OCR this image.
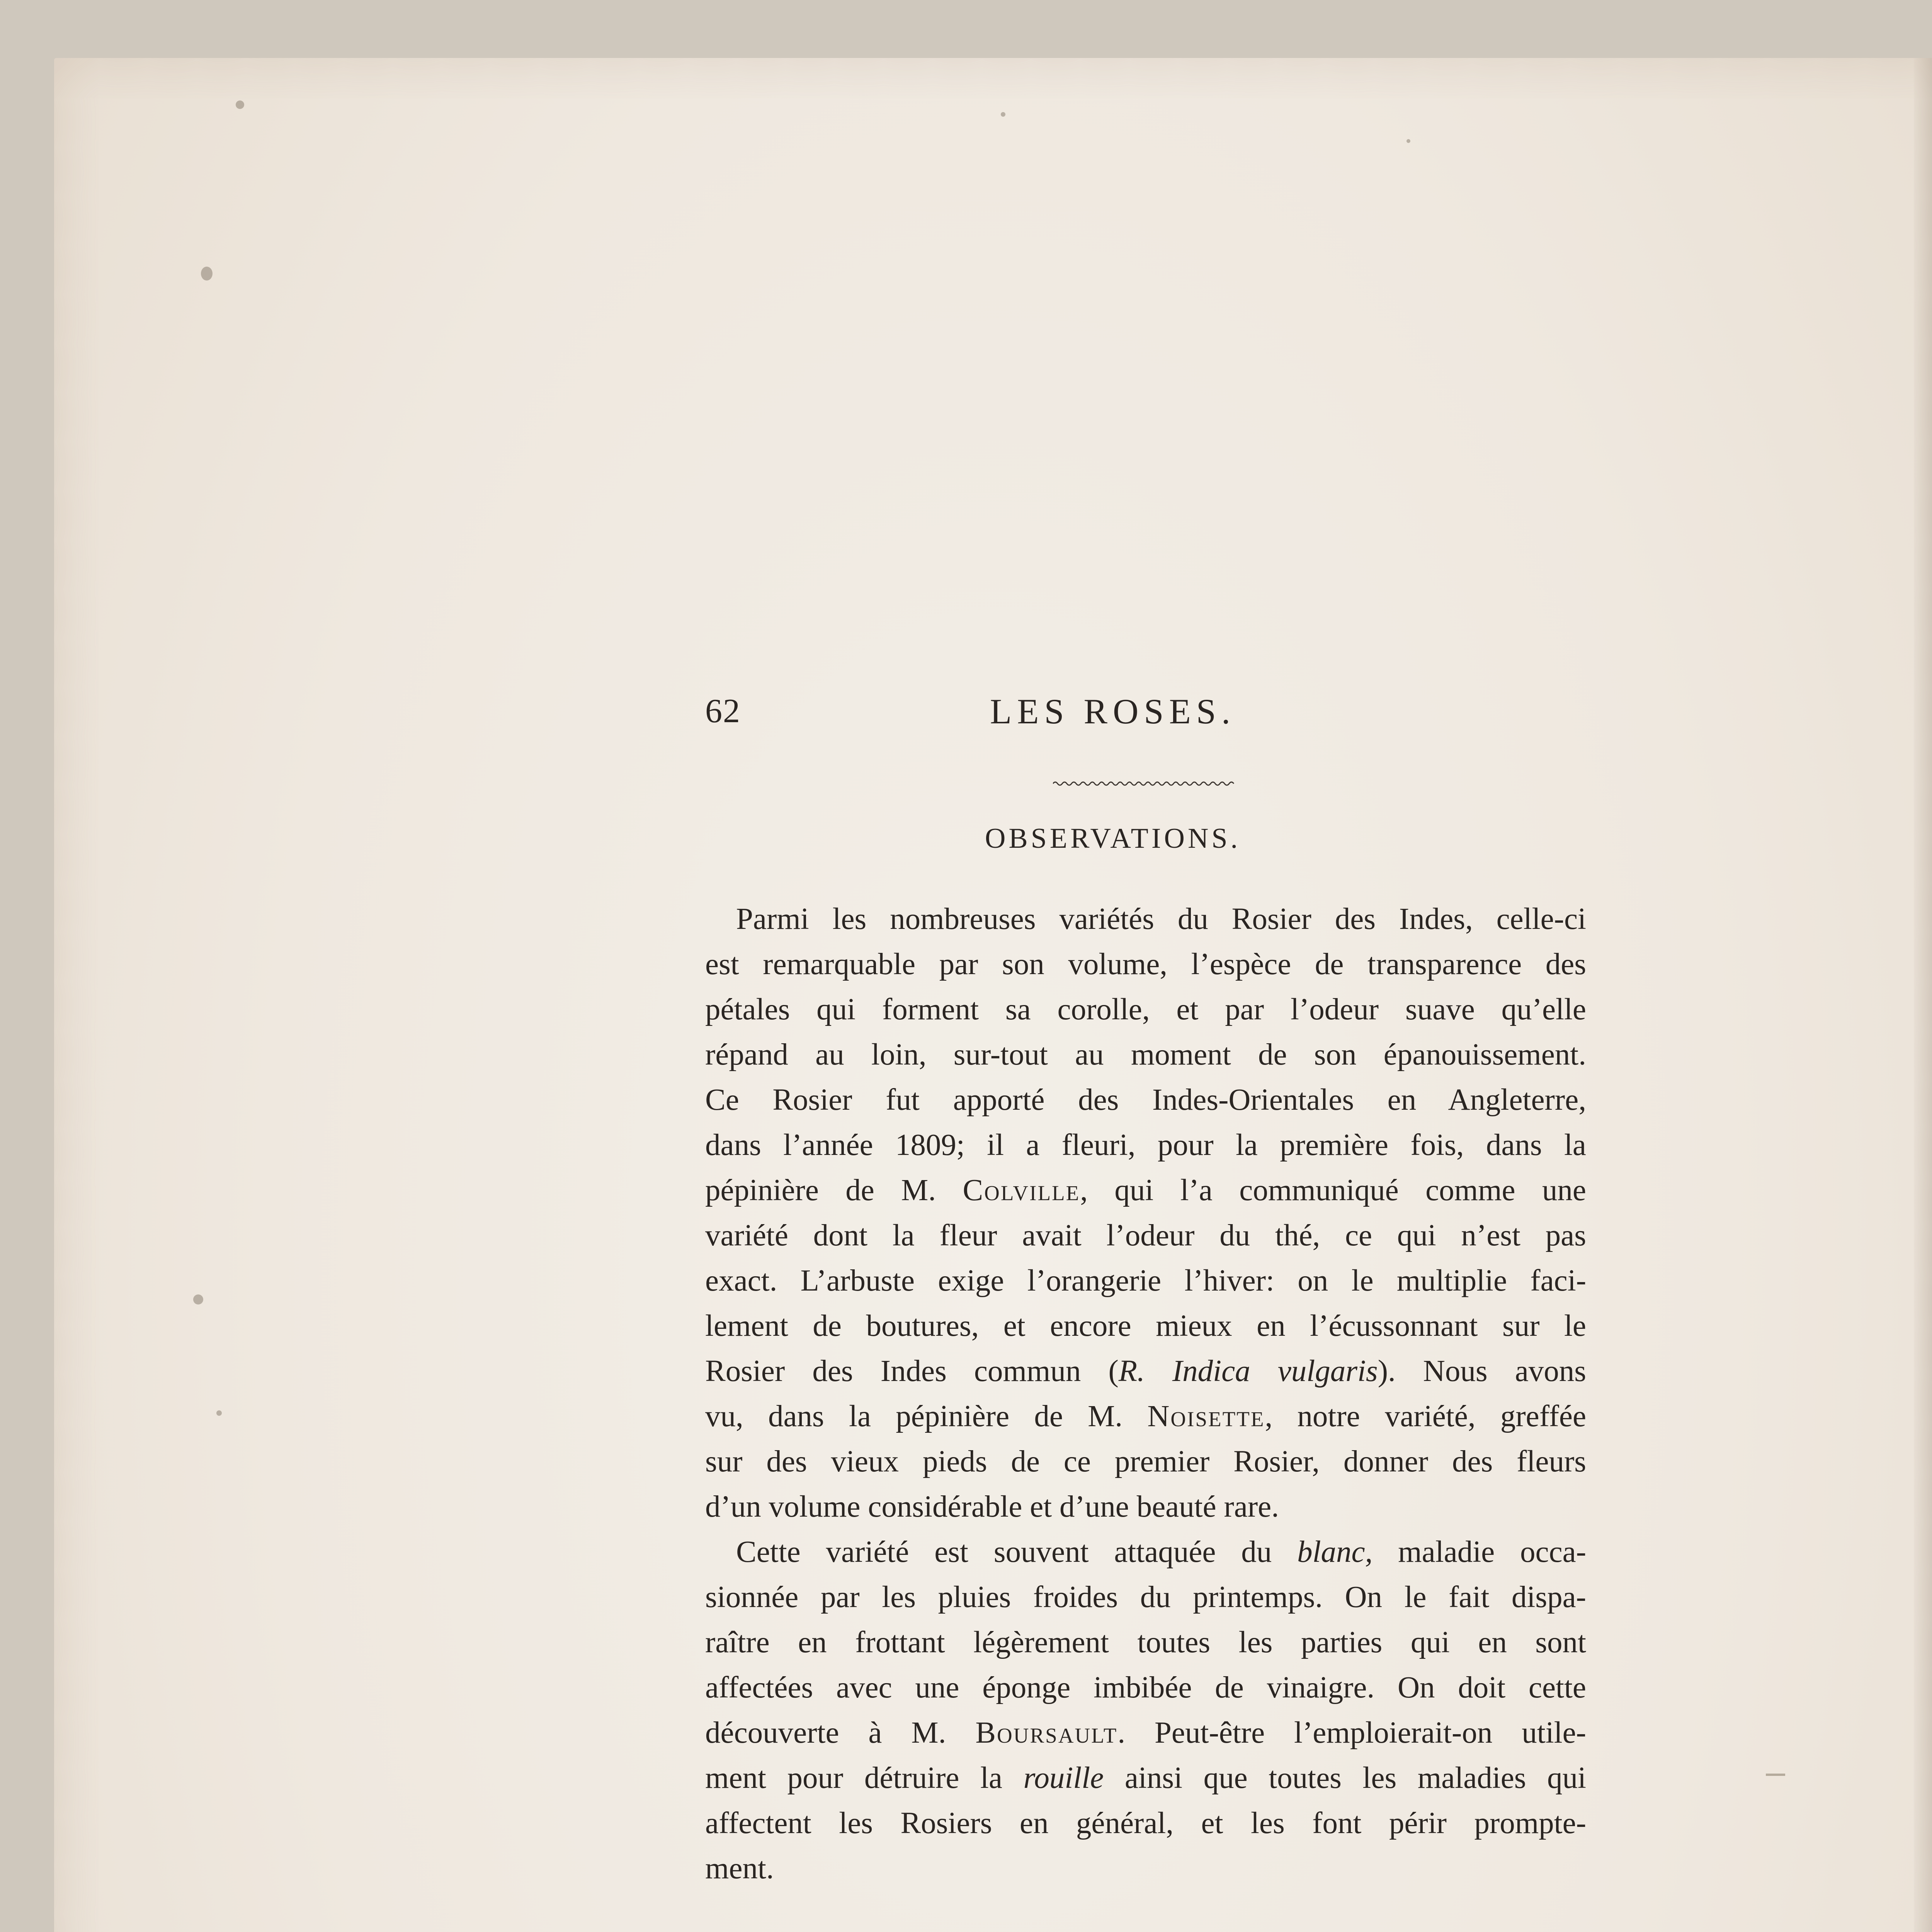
62	LES ROSES.
OBSERVATIONS.

Parmi les nombreuses variétés du Rosier des Indes, celle-ci
est remarquable par son volume, l’espèce de transparence des
pétales qui forment sa corolle, et par l’odeur suave qu’elle
répand au loin, sur-tout au moment de son épanouissement.
Ce Rosier fut apporté des Indes-Orientales en Angleterre,
dans l’année 1809; il a fleuri, pour la première fois, dans la
pépinière de M. Colville, qui l’a communiqué comme une
variété dont la fleur avait l’odeur du thé, ce qui n’est pas
exact. L’arbuste exige l’orangerie l’hiver: on le multiplie faci-
lement de boutures, et encore mieux en l’écussonnant sur le
Rosier des Indes commun (R. Indica vulgaris). Nous avons
vu, dans la pépinière de M. Noisette, notre variété, greffée
sur des vieux pieds de ce premier Rosier, donner des fleurs
d’un volume considérable et d’une beauté rare.

Cette variété est souvent attaquée du blanc, maladie occa-
sionnée par les pluies froides du printemps. On le fait dispa-
raître en frottant légèrement toutes les parties qui en sont
affectées avec une éponge imbibée de vinaigre. On doit cette
découverte à M. Boursault. Peut-être l’emploierait-on utile-
ment pour détruire la rouille ainsi que toutes les maladies qui
affectent les Rosiers en général, et les font périr prompte-
ment.
